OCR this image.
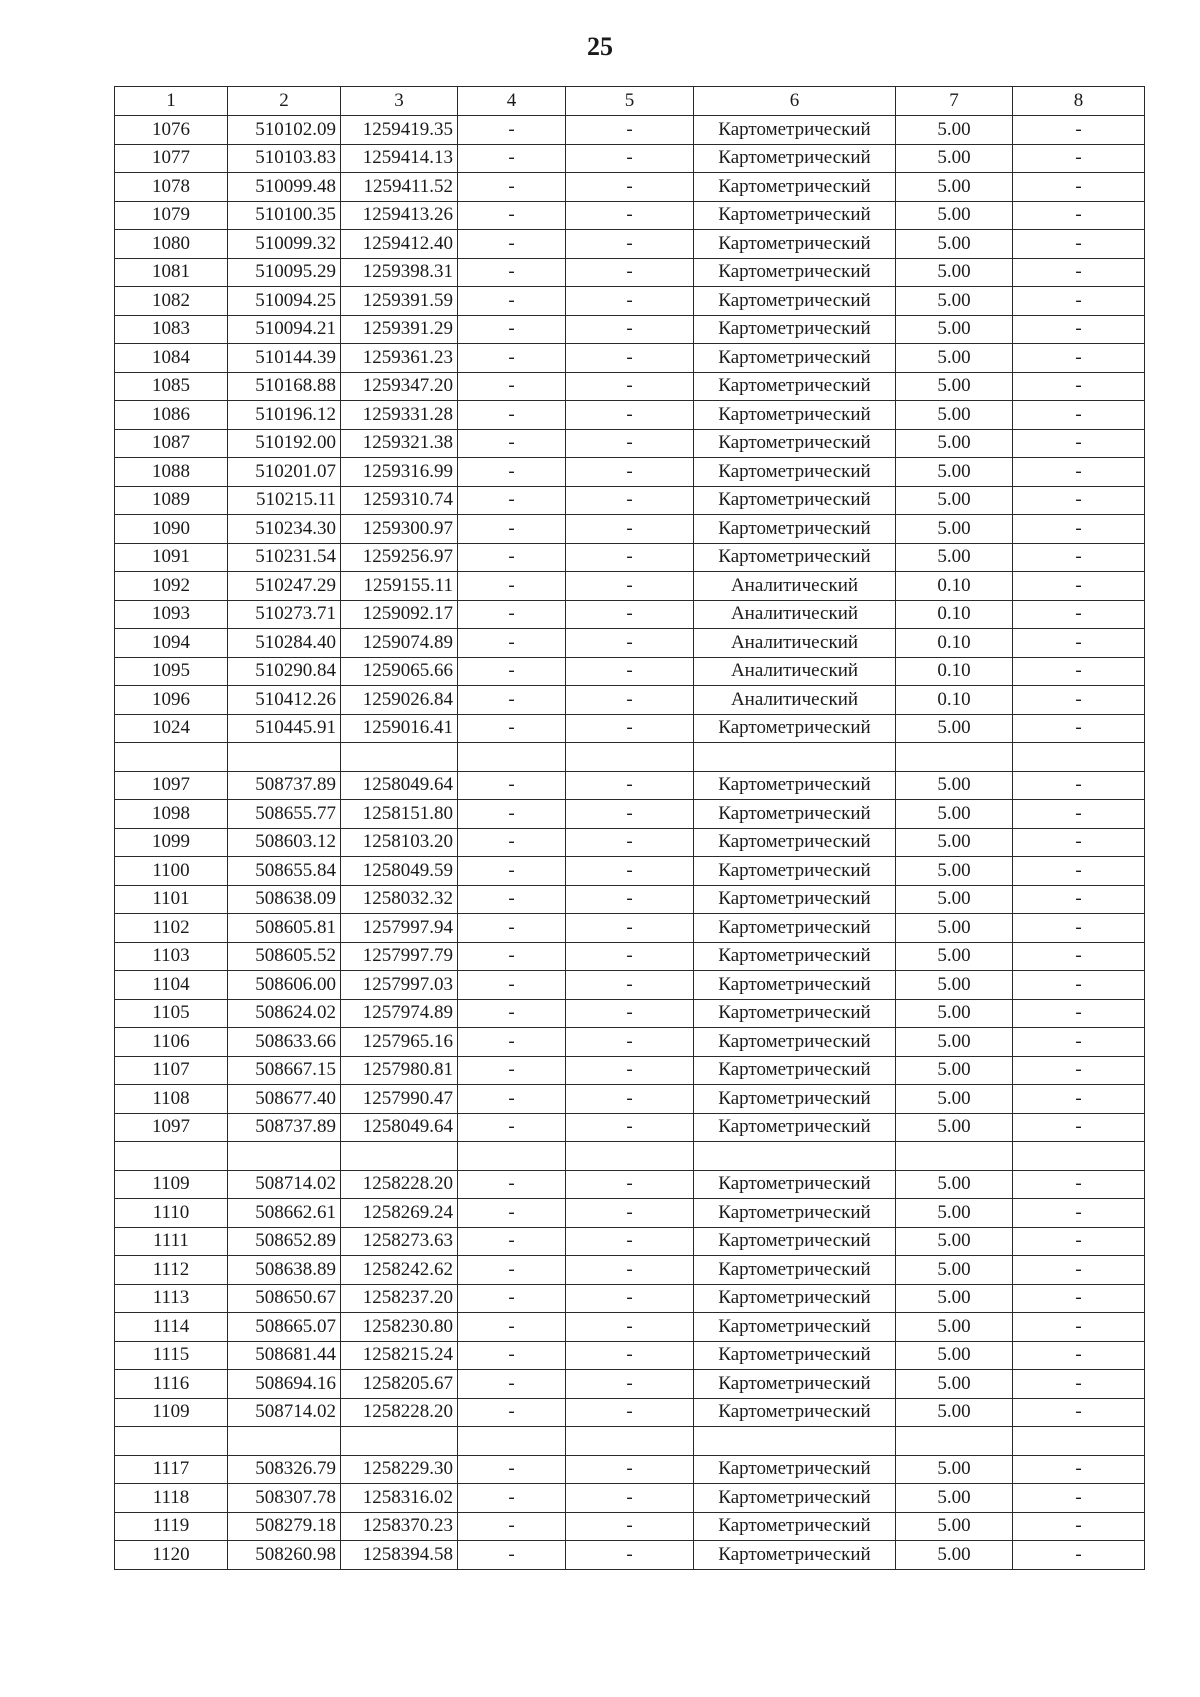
25
1	2	3	4	5	6	7	8
1076	510102.09	1259419.35	-	-	Картометрический	5.00	-
1077	510103.83	1259414.13	-	-	Картометрический	5.00	-
1078	510099.48	1259411.52	-	-	Картометрический	5.00	-
1079	510100.35	1259413.26	-	-	Картометрический	5.00	-
1080	510099.32	1259412.40	-	-	Картометрический	5.00	-
1081	510095.29	1259398.31	-	-	Картометрический	5.00	-
1082	510094.25	1259391.59	-	-	Картометрический	5.00	-
1083	510094.21	1259391.29	-	-	Картометрический	5.00	-
1084	510144.39	1259361.23	-	-	Картометрический	5.00	-
1085	510168.88	1259347.20	-	-	Картометрический	5.00	-
1086	510196.12	1259331.28	-	-	Картометрический	5.00	-
1087	510192.00	1259321.38	-	-	Картометрический	5.00	-
1088	510201.07	1259316.99	-	-	Картометрический	5.00	-
1089	510215.11	1259310.74	-	-	Картометрический	5.00	-
1090	510234.30	1259300.97	-	-	Картометрический	5.00	-
1091	510231.54	1259256.97	-	-	Картометрический	5.00	-
1092	510247.29	1259155.11	-	-	Аналитический	0.10	-
1093	510273.71	1259092.17	-	-	Аналитический	0.10	-
1094	510284.40	1259074.89	-	-	Аналитический	0.10	-
1095	510290.84	1259065.66	-	-	Аналитический	0.10	-
1096	510412.26	1259026.84	-	-	Аналитический	0.10	-
1024	510445.91	1259016.41	-	-	Картометрический	5.00	-

1097	508737.89	1258049.64	-	-	Картометрический	5.00	-
1098	508655.77	1258151.80	-	-	Картометрический	5.00	-
1099	508603.12	1258103.20	-	-	Картометрический	5.00	-
1100	508655.84	1258049.59	-	-	Картометрический	5.00	-
1101	508638.09	1258032.32	-	-	Картометрический	5.00	-
1102	508605.81	1257997.94	-	-	Картометрический	5.00	-
1103	508605.52	1257997.79	-	-	Картометрический	5.00	-
1104	508606.00	1257997.03	-	-	Картометрический	5.00	-
1105	508624.02	1257974.89	-	-	Картометрический	5.00	-
1106	508633.66	1257965.16	-	-	Картометрический	5.00	-
1107	508667.15	1257980.81	-	-	Картометрический	5.00	-
1108	508677.40	1257990.47	-	-	Картометрический	5.00	-
1097	508737.89	1258049.64	-	-	Картометрический	5.00	-

1109	508714.02	1258228.20	-	-	Картометрический	5.00	-
1110	508662.61	1258269.24	-	-	Картометрический	5.00	-
1111	508652.89	1258273.63	-	-	Картометрический	5.00	-
1112	508638.89	1258242.62	-	-	Картометрический	5.00	-
1113	508650.67	1258237.20	-	-	Картометрический	5.00	-
1114	508665.07	1258230.80	-	-	Картометрический	5.00	-
1115	508681.44	1258215.24	-	-	Картометрический	5.00	-
1116	508694.16	1258205.67	-	-	Картометрический	5.00	-
1109	508714.02	1258228.20	-	-	Картометрический	5.00	-

1117	508326.79	1258229.30	-	-	Картометрический	5.00	-
1118	508307.78	1258316.02	-	-	Картометрический	5.00	-
1119	508279.18	1258370.23	-	-	Картометрический	5.00	-
1120	508260.98	1258394.58	-	-	Картометрический	5.00	-
